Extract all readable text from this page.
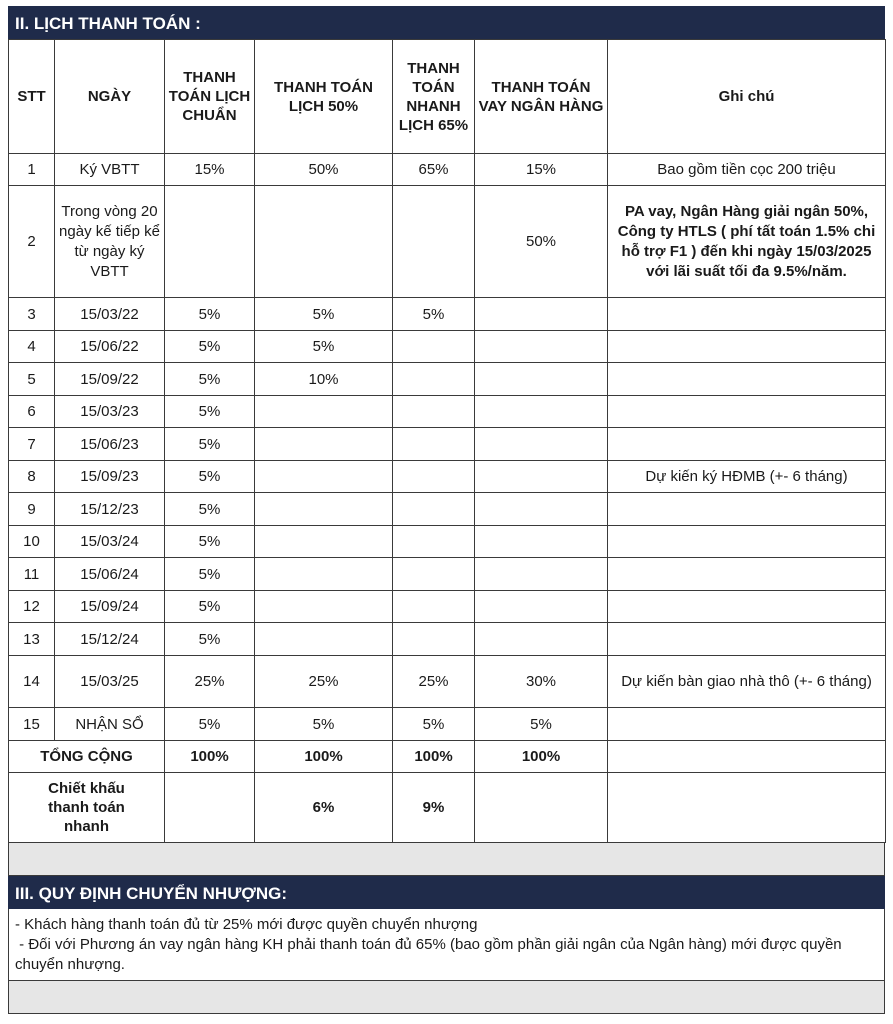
II. LỊCH THANH TOÁN :
STT	NGÀY	THANH TOÁN LỊCH CHUẨN	THANH TOÁN LỊCH 50%	THANH TOÁN NHANH LỊCH 65%	THANH TOÁN VAY NGÂN HÀNG	Ghi chú
1	Ký VBTT	15%	50%	65%	15%	Bao gồm tiền cọc 200 triệu
2	Trong vòng 20 ngày kế tiếp kể từ ngày ký VBTT				50%	PA vay, Ngân Hàng giải ngân 50%, Công ty HTLS ( phí tất toán 1.5% chi hỗ trợ F1 ) đến khi ngày 15/03/2025 với lãi suất tối đa 9.5%/năm.
3	15/03/22	5%	5%	5%		
4	15/06/22	5%	5%			
5	15/09/22	5%	10%			
6	15/03/23	5%				
7	15/06/23	5%				
8	15/09/23	5%				Dự kiến ký HĐMB (+- 6 tháng)
9	15/12/23	5%				
10	15/03/24	5%				
11	15/06/24	5%				
12	15/09/24	5%				
13	15/12/24	5%				
14	15/03/25	25%	25%	25%	30%	Dự kiến bàn giao nhà thô (+- 6 tháng)
15	NHẬN SỔ	5%	5%	5%	5%	
TỔNG CỘNG		100%	100%	100%	100%	
Chiết khấu thanh toán nhanh			6%	9%		
III. QUY ĐỊNH CHUYỂN NHƯỢNG:
- Khách hàng thanh toán đủ từ 25% mới được quyền chuyển nhượng
- Đối với Phương án vay ngân hàng KH phải thanh toán đủ 65% (bao gồm phần giải ngân của Ngân hàng) mới được quyền chuyển nhượng.
